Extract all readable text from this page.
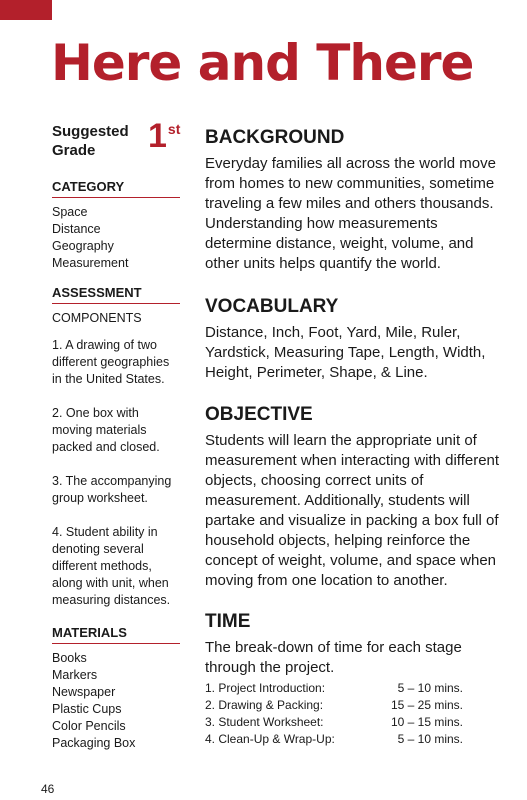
Here and There
Suggested
Grade	1st
CATEGORY
Space
Distance
Geography
Measurement
ASSESSMENT
COMPONENTS
1. A drawing of two different geographies in the United States.
2. One box with moving materials packed and closed.
3. The accompanying group worksheet.
4. Student ability in denoting several different methods, along with unit, when measuring distances.
MATERIALS
Books
Markers
Newspaper
Plastic Cups
Color Pencils
Packaging Box
BACKGROUND

Everyday families all across the world move from homes to new communities, sometime traveling a few miles and others thousands. Understanding how measurements determine distance, weight, volume, and other units helps quantify the world.

VOCABULARY

Distance, Inch, Foot, Yard, Mile, Ruler, Yardstick, Measuring Tape, Length, Width, Height, Perimeter, Shape, & Line.

OBJECTIVE

Students will learn the appropriate unit of measurement when interacting with different objects, choosing correct units of measurement. Additionally, students will partake and visualize in packing a box full of household objects, helping reinforce the concept of weight, volume, and space when moving from one location to another.

TIME

The break-down of time for each stage through the project.

1. Project Introduction:	5 – 10 mins.
2. Drawing & Packing:	15 – 25 mins.
3. Student Worksheet:	10 – 15 mins.
4. Clean-Up & Wrap-Up:	5 – 10 mins.
46
